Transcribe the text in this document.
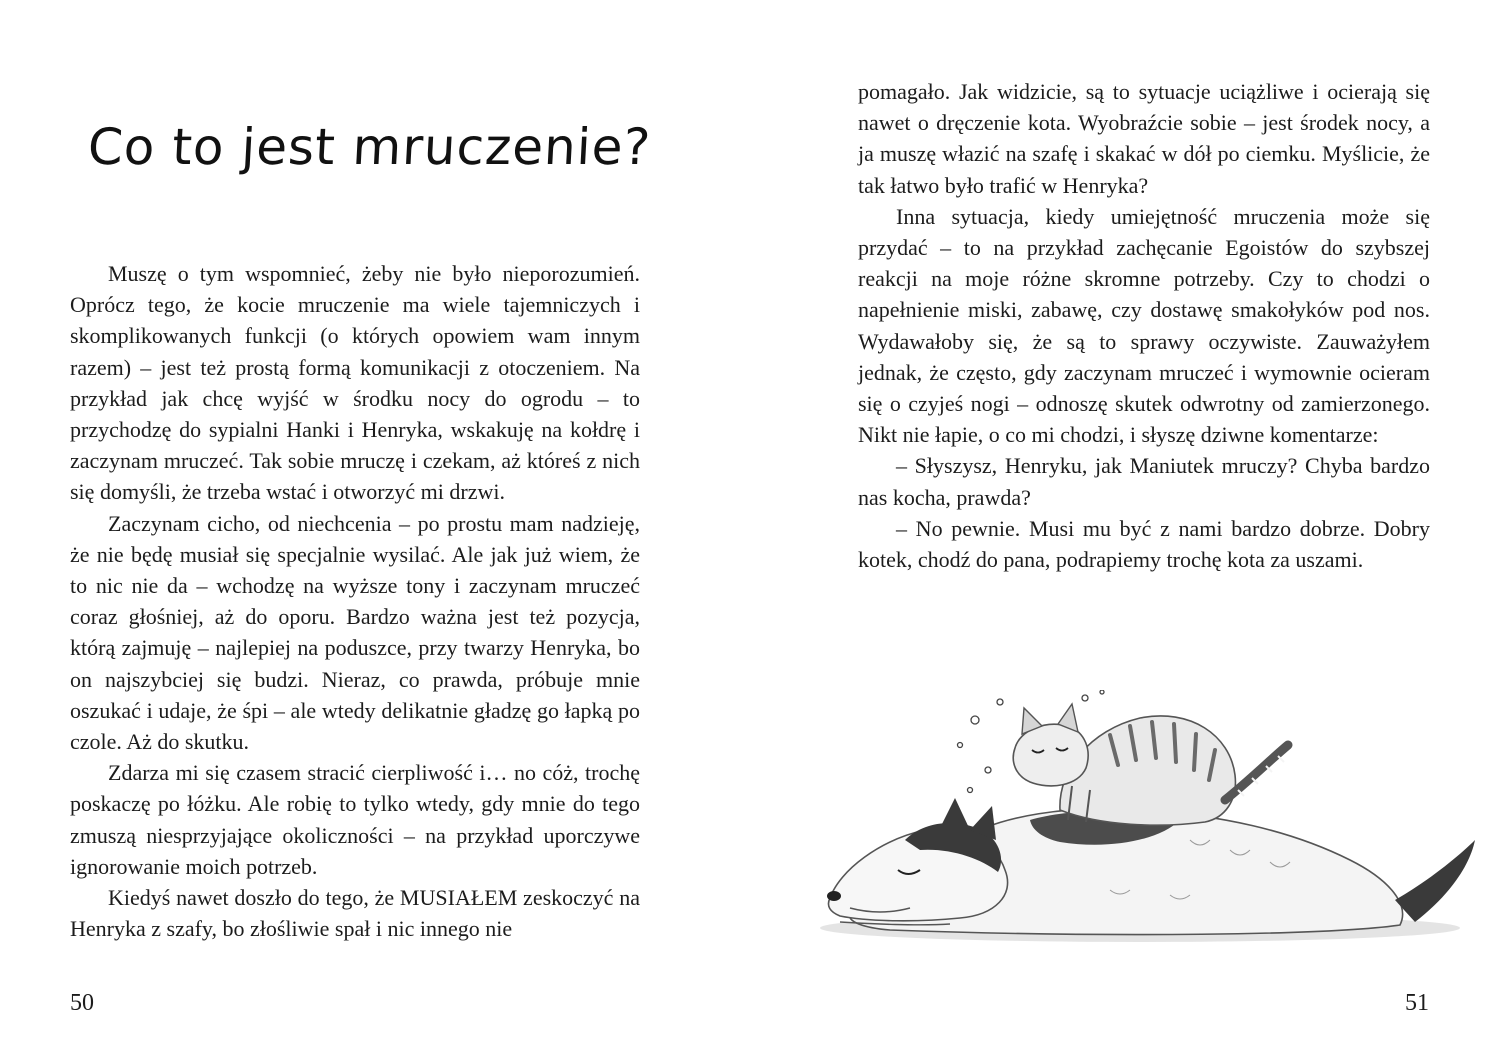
Co to jest mruczenie?

Muszę o tym wspomnieć, żeby nie było nieporozumień. Oprócz tego, że kocie mruczenie ma wiele tajemniczych i skomplikowanych funkcji (o których opowiem wam innym razem) – jest też prostą formą komunikacji z otoczeniem. Na przykład jak chcę wyjść w środku nocy do ogrodu – to przychodzę do sypialni Hanki i Henryka, wskakuję na kołdrę i zaczynam mruczeć. Tak sobie mruczę i czekam, aż któreś z nich się domyśli, że trzeba wstać i otworzyć mi drzwi.

Zaczynam cicho, od niechcenia – po prostu mam nadzieję, że nie będę musiał się specjalnie wysilać. Ale jak już wiem, że to nic nie da – wchodzę na wyższe tony i zaczynam mruczeć coraz głośniej, aż do oporu. Bardzo ważna jest też pozycja, którą zajmuję – najlepiej na poduszce, przy twarzy Henryka, bo on najszybciej się budzi. Nieraz, co prawda, próbuje mnie oszukać i udaje, że śpi – ale wtedy delikatnie gładzę go łapką po czole. Aż do skutku.

Zdarza mi się czasem stracić cierpliwość i… no cóż, trochę poskaczę po łóżku. Ale robię to tylko wtedy, gdy mnie do tego zmuszą niesprzyjające okoliczności – na przykład uporczywe ignorowanie moich potrzeb.

Kiedyś nawet doszło do tego, że MUSIAŁEM zeskoczyć na Henryka z szafy, bo złośliwie spał i nic innego nie

50

pomagało. Jak widzicie, są to sytuacje uciążliwe i ocierają się nawet o dręczenie kota. Wyobraźcie sobie – jest środek nocy, a ja muszę włazić na szafę i skakać w dół po ciemku. Myślicie, że tak łatwo było trafić w Henryka?

Inna sytuacja, kiedy umiejętność mruczenia może się przydać – to na przykład zachęcanie Egoistów do szybszej reakcji na moje różne skromne potrzeby. Czy to chodzi o napełnienie miski, zabawę, czy dostawę smakołyków pod nos. Wydawałoby się, że są to sprawy oczywiste. Zauważyłem jednak, że często, gdy zaczynam mruczeć i wymownie ocieram się o czyjeś nogi – odnoszę skutek odwrotny od zamierzonego. Nikt nie łapie, o co mi chodzi, i słyszę dziwne komentarze:

– Słyszysz, Henryku, jak Maniutek mruczy? Chyba bardzo nas kocha, prawda?

– No pewnie. Musi mu być z nami bardzo dobrze. Dobry kotek, chodź do pana, podrapiemy trochę kota za uszami.

51
